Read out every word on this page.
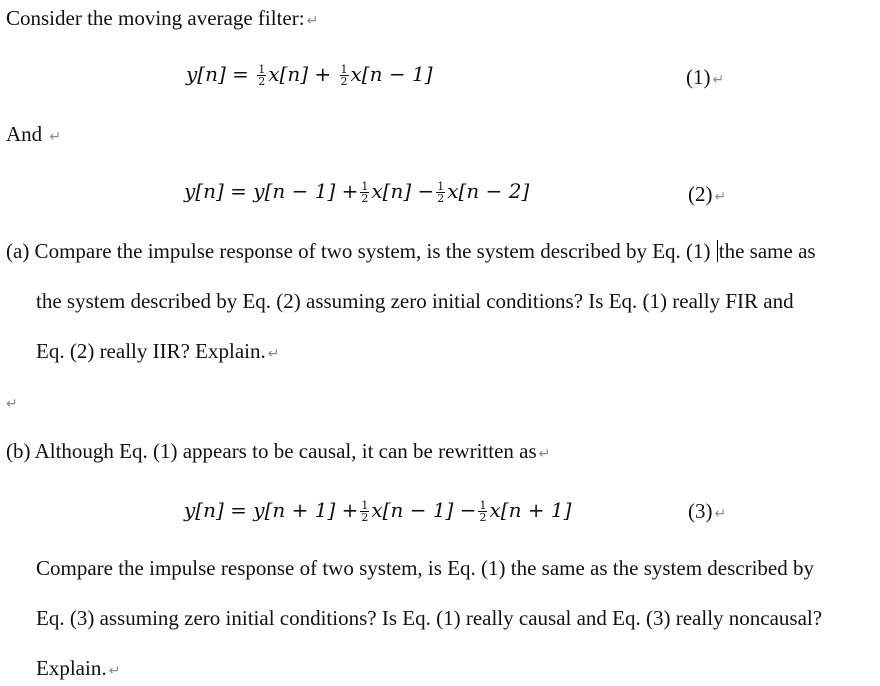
Consider the moving average filter: ↵
$y[n] = \frac{1}{2} x[n] + \frac{1}{2} x[n - 1]$	(1) ↵
And ↵
$y[n] = y[n - 1] + \frac{1}{2} x[n] - \frac{1}{2} x[n - 2]$	(2) ↵
(a) Compare the impulse response of two system, is the system described by Eq. (1) the same as
the system described by Eq. (2) assuming zero initial conditions? Is Eq. (1) really FIR and
Eq. (2) really IIR? Explain. ↵
↵
(b) Although Eq. (1) appears to be causal, it can be rewritten as ↵
$y[n] = y[n + 1] + \frac{1}{2} x[n - 1] - \frac{1}{2} x[n + 1]$	(3) ↵
Compare the impulse response of two system, is Eq. (1) the same as the system described by
Eq. (3) assuming zero initial conditions? Is Eq. (1) really causal and Eq. (3) really noncausal?
Explain. ↵
